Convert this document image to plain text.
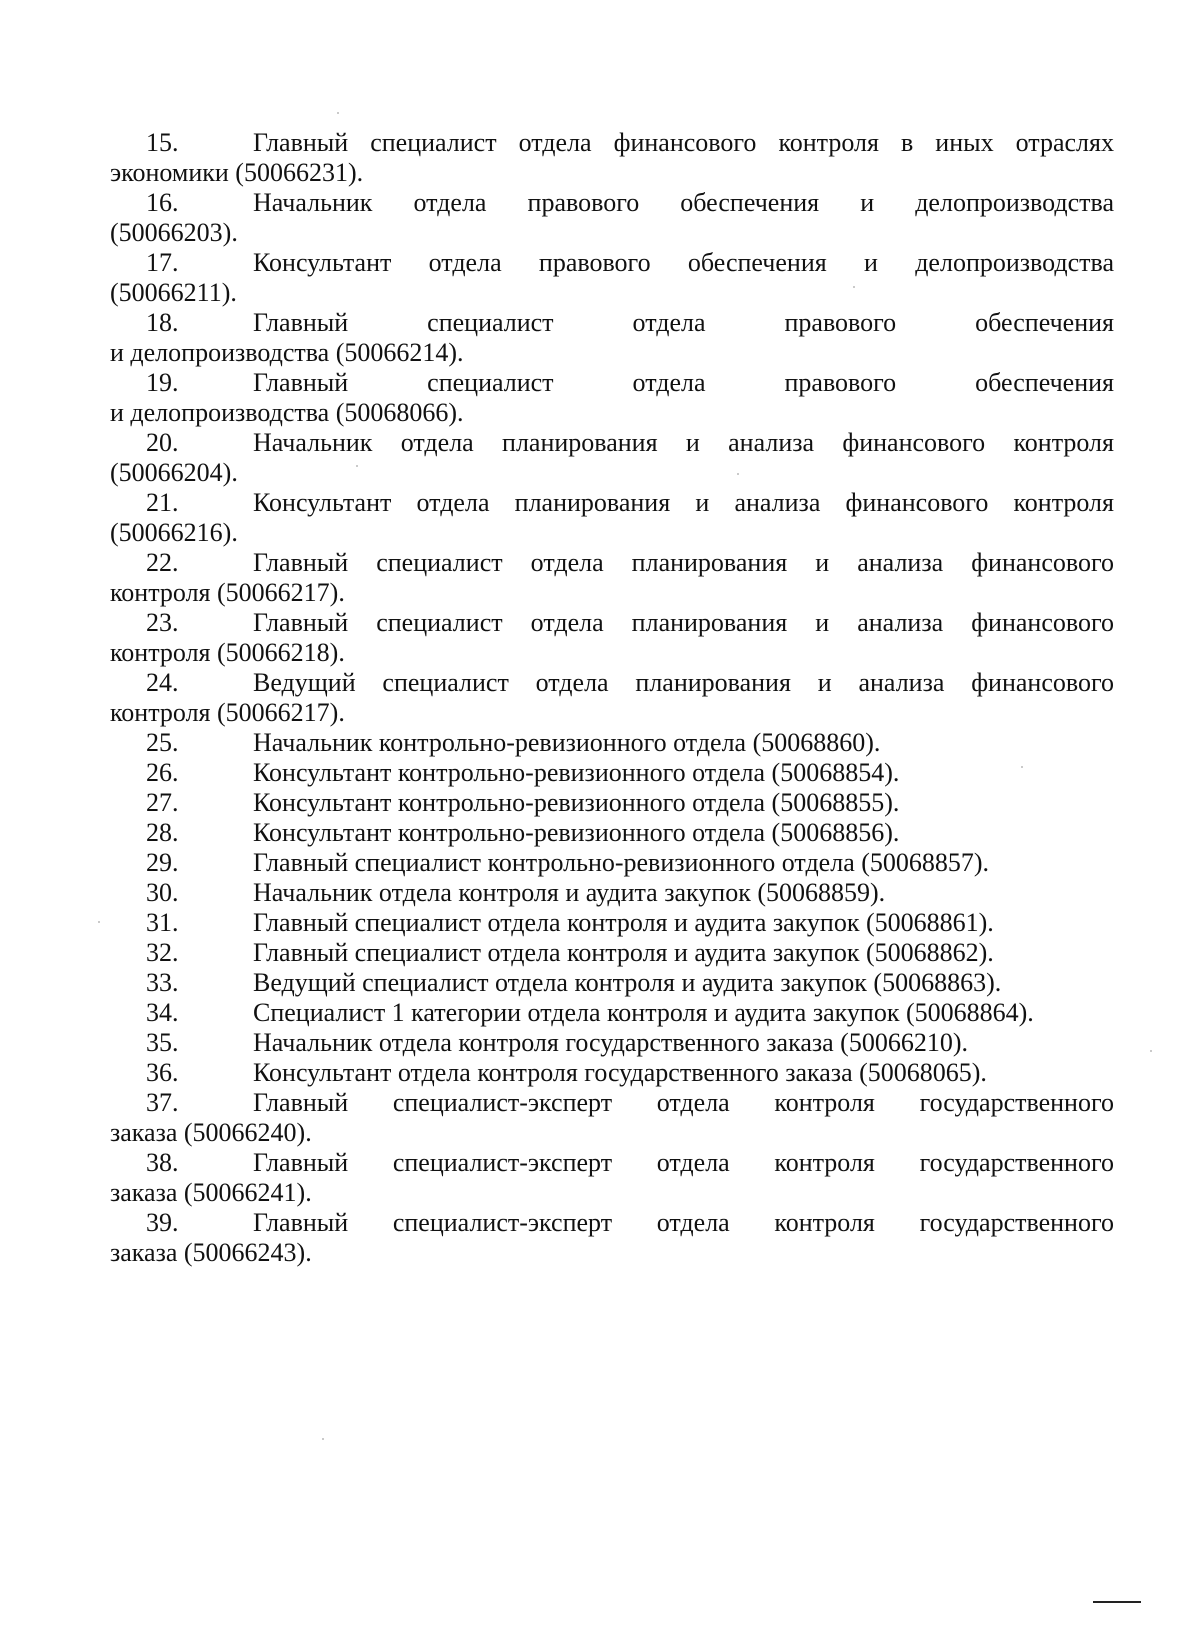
15.	Главный специалист отдела финансового контроля в иных отраслях
экономики (50066231).
16.	Начальник отдела правового обеспечения и делопроизводства
(50066203).
17.	Консультант отдела правового обеспечения и делопроизводства
(50066211).
18.	Главный специалист отдела правового обеспечения
и делопроизводства (50066214).
19.	Главный специалист отдела правового обеспечения
и делопроизводства (50068066).
20.	Начальник отдела планирования и анализа финансового контроля
(50066204).
21.	Консультант отдела планирования и анализа финансового контроля
(50066216).
22.	Главный специалист отдела планирования и анализа финансового
контроля (50066217).
23.	Главный специалист отдела планирования и анализа финансового
контроля (50066218).
24.	Ведущий специалист отдела планирования и анализа финансового
контроля (50066217).
25.	Начальник контрольно-ревизионного отдела (50068860).
26.	Консультант контрольно-ревизионного отдела (50068854).
27.	Консультант контрольно-ревизионного отдела (50068855).
28.	Консультант контрольно-ревизионного отдела (50068856).
29.	Главный специалист контрольно-ревизионного отдела (50068857).
30.	Начальник отдела контроля и аудита закупок (50068859).
31.	Главный специалист отдела контроля и аудита закупок (50068861).
32.	Главный специалист отдела контроля и аудита закупок (50068862).
33.	Ведущий специалист отдела контроля и аудита закупок (50068863).
34.	Специалист 1 категории отдела контроля и аудита закупок (50068864).
35.	Начальник отдела контроля государственного заказа (50066210).
36.	Консультант отдела контроля государственного заказа (50068065).
37.	Главный специалист-эксперт отдела контроля государственного
заказа (50066240).
38.	Главный специалист-эксперт отдела контроля государственного
заказа (50066241).
39.	Главный специалист-эксперт отдела контроля государственного
заказа (50066243).
